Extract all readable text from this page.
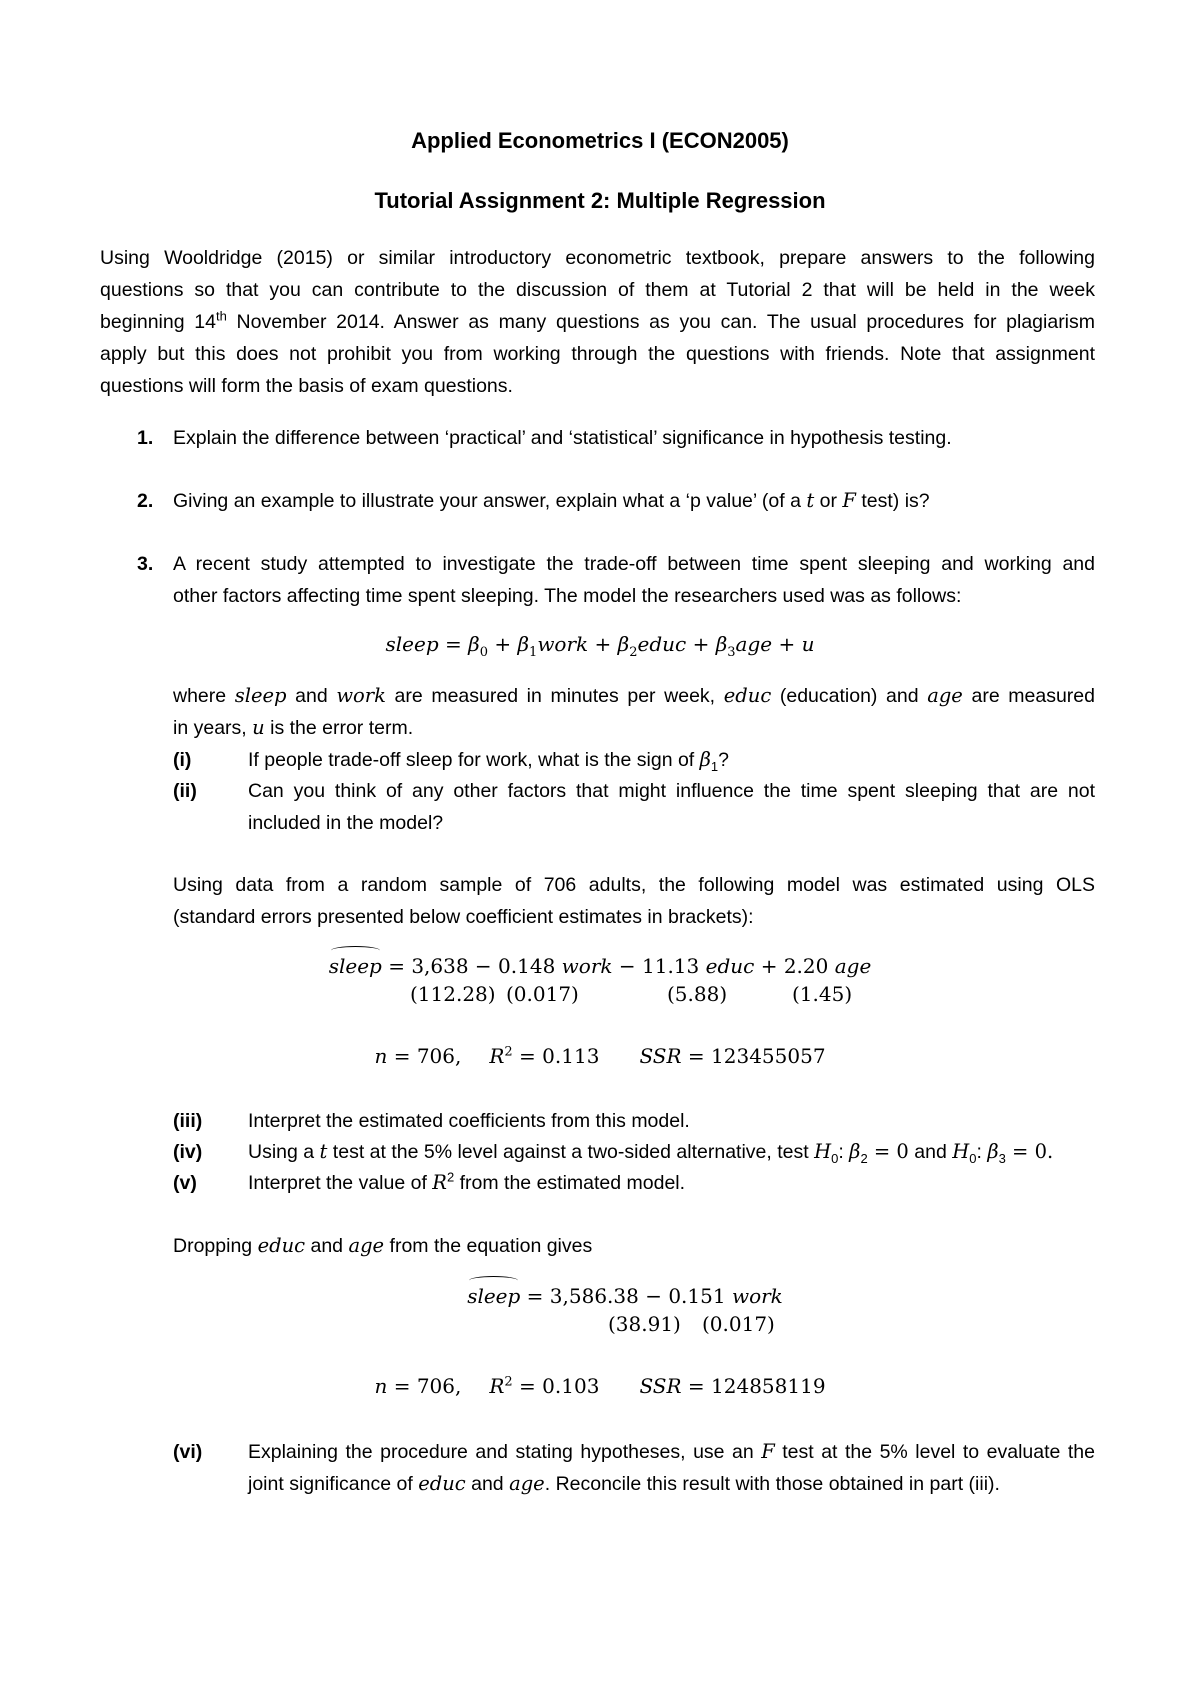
Applied Econometrics I (ECON2005)
Tutorial Assignment 2: Multiple Regression
Using Wooldridge (2015) or similar introductory econometric textbook, prepare answers to the following
questions so that you can contribute to the discussion of them at Tutorial 2 that will be held in the week
beginning 14th November 2014. Answer as many questions as you can. The usual procedures for plagiarism
apply but this does not prohibit you from working through the questions with friends. Note that assignment
questions will form the basis of exam questions.
1. Explain the difference between ‘practical’ and ‘statistical’ significance in hypothesis testing.
2. Giving an example to illustrate your answer, explain what a ‘p value’ (of a t or F test) is?
3. A recent study attempted to investigate the trade-off between time spent sleeping and working and
other factors affecting time spent sleeping. The model the researchers used was as follows:
sleep = $\beta_0$ + $\beta_1work$ + $\beta_2educ + \beta_3age + u$
where sleep and work are measured in minutes per week, educ (education) and age are measured
in years, u is the error term.
(i)	If people trade-off sleep for work, what is the sign of $\beta_1$?
(ii)	Can you think of any other factors that might influence the time spent sleeping that are not
included in the model?
Using data from a random sample of 706 adults, the following model was estimated using OLS
(standard errors presented below coefficient estimates in brackets):
sleep = 3,638 − 0.148 work − 11.13 educ + 2.20 age
(112.28) (0.017)	(5.88)	(1.45)
n = 706, $R^2 = 0.113$ SSR = 123455057
(iii) Interpret the estimated coefficients from this model.
(iv) Using a t test at the 5% level against a two-sided alternative, test $H_0$: $\beta_2 = 0$ and $H_0$: $\beta_3 = 0$.
(v)	Interpret the value of $R^2$ from the estimated model.
Dropping educ and age from the equation gives
sleep = 3,586.38 − 0.151 work
(38.91) (0.017)
n = 706, $R^2 = 0.103$ SSR = 124858119
(vi) Explaining the procedure and stating hypotheses, use an F test at the 5% level to evaluate the
joint significance of educ and age. Reconcile this result with those obtained in part (iii).
